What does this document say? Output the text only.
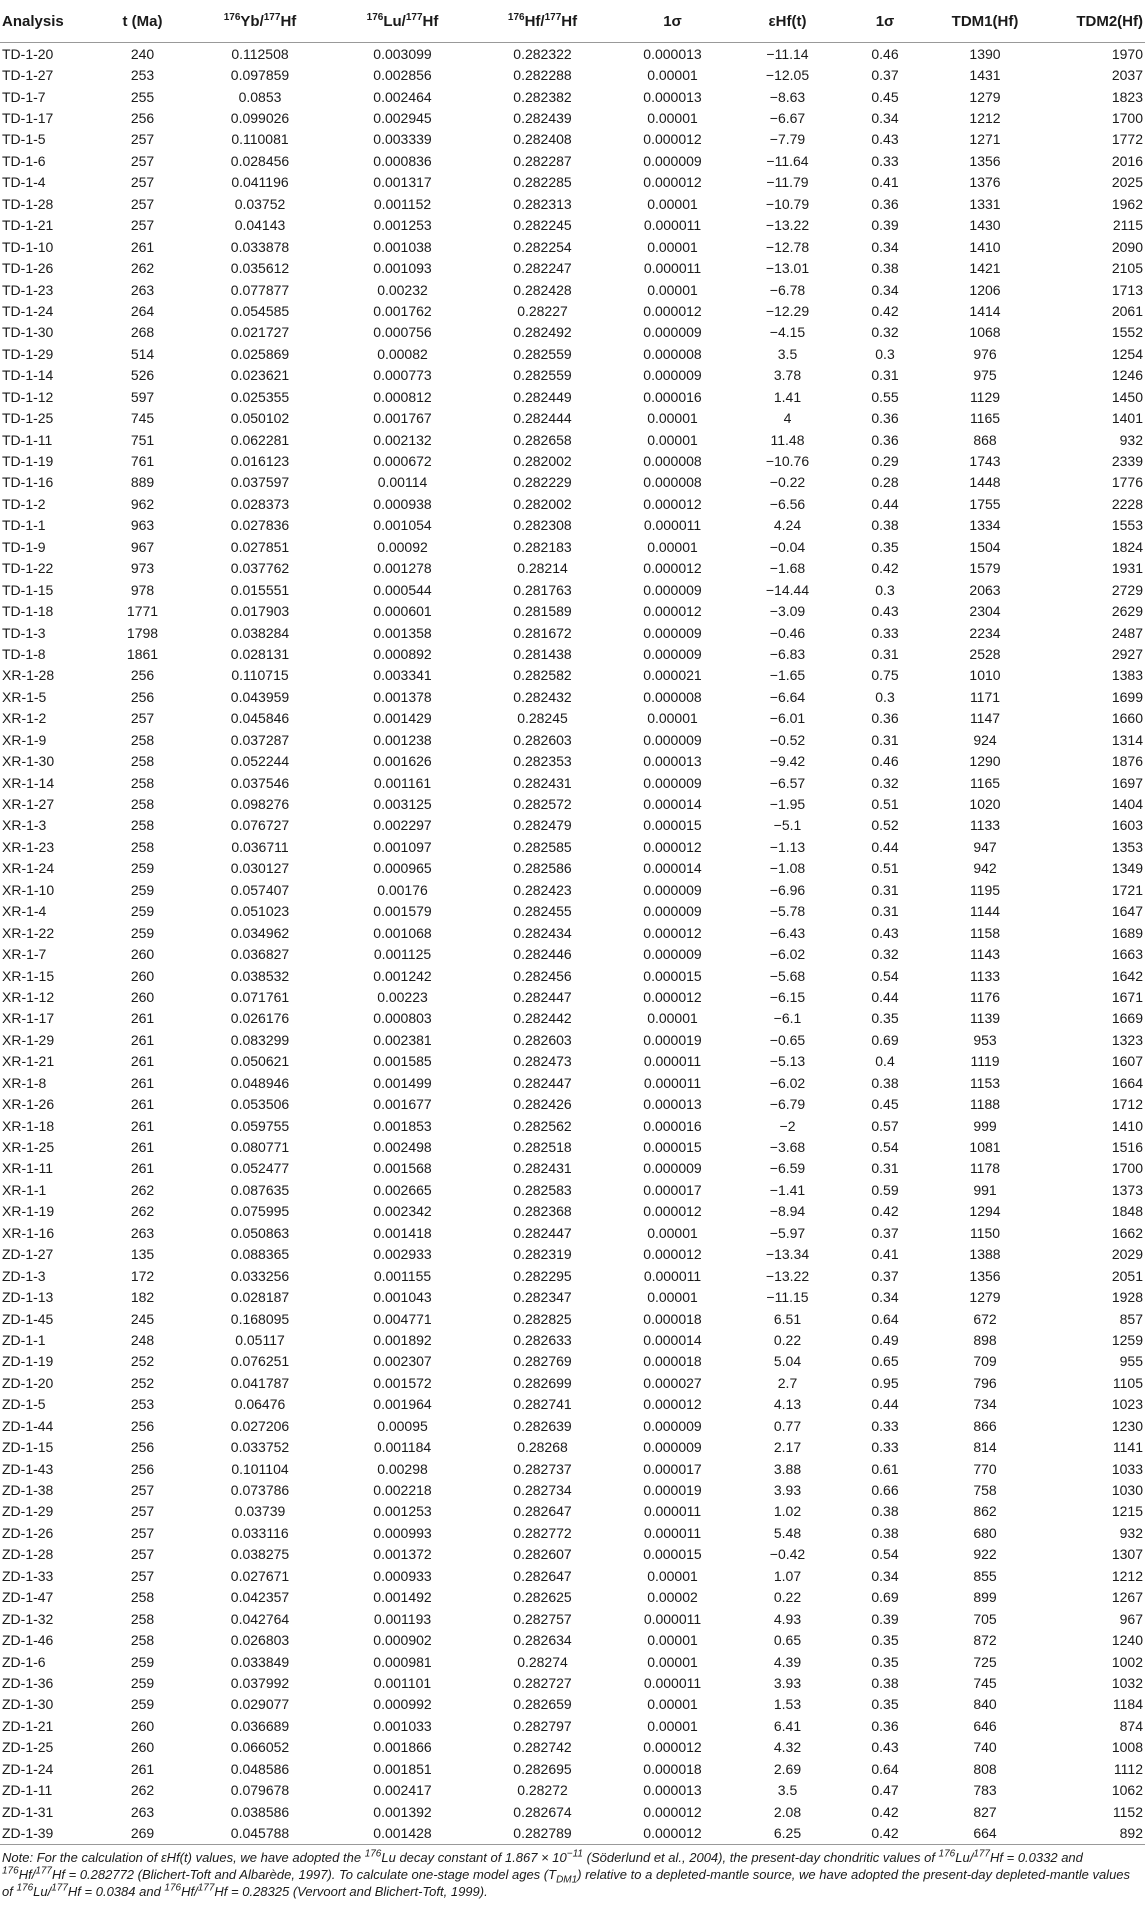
Analysis	t (Ma)	$^{176}$Yb/$^{177}$Hf	$^{176}$Lu/$^{177}$Hf	$^{176}$Hf/$^{177}$Hf	1σ	εHf(t)	1σ	TDM1(Hf)	TDM2(Hf)
TD-1-20	240	0.112508	0.003099	0.282322	0.000013	−11.14	0.46	1390	1970
TD-1-27	253	0.097859	0.002856	0.282288	0.00001	−12.05	0.37	1431	2037
TD-1-7	255	0.0853	0.002464	0.282382	0.000013	−8.63	0.45	1279	1823
TD-1-17	256	0.099026	0.002945	0.282439	0.00001	−6.67	0.34	1212	1700
TD-1-5	257	0.110081	0.003339	0.282408	0.000012	−7.79	0.43	1271	1772
TD-1-6	257	0.028456	0.000836	0.282287	0.000009	−11.64	0.33	1356	2016
TD-1-4	257	0.041196	0.001317	0.282285	0.000012	−11.79	0.41	1376	2025
TD-1-28	257	0.03752	0.001152	0.282313	0.00001	−10.79	0.36	1331	1962
TD-1-21	257	0.04143	0.001253	0.282245	0.000011	−13.22	0.39	1430	2115
TD-1-10	261	0.033878	0.001038	0.282254	0.00001	−12.78	0.34	1410	2090
TD-1-26	262	0.035612	0.001093	0.282247	0.000011	−13.01	0.38	1421	2105
TD-1-23	263	0.077877	0.00232	0.282428	0.00001	−6.78	0.34	1206	1713
TD-1-24	264	0.054585	0.001762	0.28227	0.000012	−12.29	0.42	1414	2061
TD-1-30	268	0.021727	0.000756	0.282492	0.000009	−4.15	0.32	1068	1552
TD-1-29	514	0.025869	0.00082	0.282559	0.000008	3.5	0.3	976	1254
TD-1-14	526	0.023621	0.000773	0.282559	0.000009	3.78	0.31	975	1246
TD-1-12	597	0.025355	0.000812	0.282449	0.000016	1.41	0.55	1129	1450
TD-1-25	745	0.050102	0.001767	0.282444	0.00001	4	0.36	1165	1401
TD-1-11	751	0.062281	0.002132	0.282658	0.00001	11.48	0.36	868	932
TD-1-19	761	0.016123	0.000672	0.282002	0.000008	−10.76	0.29	1743	2339
TD-1-16	889	0.037597	0.00114	0.282229	0.000008	−0.22	0.28	1448	1776
TD-1-2	962	0.028373	0.000938	0.282002	0.000012	−6.56	0.44	1755	2228
TD-1-1	963	0.027836	0.001054	0.282308	0.000011	4.24	0.38	1334	1553
TD-1-9	967	0.027851	0.00092	0.282183	0.00001	−0.04	0.35	1504	1824
TD-1-22	973	0.037762	0.001278	0.28214	0.000012	−1.68	0.42	1579	1931
TD-1-15	978	0.015551	0.000544	0.281763	0.000009	−14.44	0.3	2063	2729
TD-1-18	1771	0.017903	0.000601	0.281589	0.000012	−3.09	0.43	2304	2629
TD-1-3	1798	0.038284	0.001358	0.281672	0.000009	−0.46	0.33	2234	2487
TD-1-8	1861	0.028131	0.000892	0.281438	0.000009	−6.83	0.31	2528	2927
XR-1-28	256	0.110715	0.003341	0.282582	0.000021	−1.65	0.75	1010	1383
XR-1-5	256	0.043959	0.001378	0.282432	0.000008	−6.64	0.3	1171	1699
XR-1-2	257	0.045846	0.001429	0.28245	0.00001	−6.01	0.36	1147	1660
XR-1-9	258	0.037287	0.001238	0.282603	0.000009	−0.52	0.31	924	1314
XR-1-30	258	0.052244	0.001626	0.282353	0.000013	−9.42	0.46	1290	1876
XR-1-14	258	0.037546	0.001161	0.282431	0.000009	−6.57	0.32	1165	1697
XR-1-27	258	0.098276	0.003125	0.282572	0.000014	−1.95	0.51	1020	1404
XR-1-3	258	0.076727	0.002297	0.282479	0.000015	−5.1	0.52	1133	1603
XR-1-23	258	0.036711	0.001097	0.282585	0.000012	−1.13	0.44	947	1353
XR-1-24	259	0.030127	0.000965	0.282586	0.000014	−1.08	0.51	942	1349
XR-1-10	259	0.057407	0.00176	0.282423	0.000009	−6.96	0.31	1195	1721
XR-1-4	259	0.051023	0.001579	0.282455	0.000009	−5.78	0.31	1144	1647
XR-1-22	259	0.034962	0.001068	0.282434	0.000012	−6.43	0.43	1158	1689
XR-1-7	260	0.036827	0.001125	0.282446	0.000009	−6.02	0.32	1143	1663
XR-1-15	260	0.038532	0.001242	0.282456	0.000015	−5.68	0.54	1133	1642
XR-1-12	260	0.071761	0.00223	0.282447	0.000012	−6.15	0.44	1176	1671
XR-1-17	261	0.026176	0.000803	0.282442	0.00001	−6.1	0.35	1139	1669
XR-1-29	261	0.083299	0.002381	0.282603	0.000019	−0.65	0.69	953	1323
XR-1-21	261	0.050621	0.001585	0.282473	0.000011	−5.13	0.4	1119	1607
XR-1-8	261	0.048946	0.001499	0.282447	0.000011	−6.02	0.38	1153	1664
XR-1-26	261	0.053506	0.001677	0.282426	0.000013	−6.79	0.45	1188	1712
XR-1-18	261	0.059755	0.001853	0.282562	0.000016	−2	0.57	999	1410
XR-1-25	261	0.080771	0.002498	0.282518	0.000015	−3.68	0.54	1081	1516
XR-1-11	261	0.052477	0.001568	0.282431	0.000009	−6.59	0.31	1178	1700
XR-1-1	262	0.087635	0.002665	0.282583	0.000017	−1.41	0.59	991	1373
XR-1-19	262	0.075995	0.002342	0.282368	0.000012	−8.94	0.42	1294	1848
XR-1-16	263	0.050863	0.001418	0.282447	0.00001	−5.97	0.37	1150	1662
ZD-1-27	135	0.088365	0.002933	0.282319	0.000012	−13.34	0.41	1388	2029
ZD-1-3	172	0.033256	0.001155	0.282295	0.000011	−13.22	0.37	1356	2051
ZD-1-13	182	0.028187	0.001043	0.282347	0.00001	−11.15	0.34	1279	1928
ZD-1-45	245	0.168095	0.004771	0.282825	0.000018	6.51	0.64	672	857
ZD-1-1	248	0.05117	0.001892	0.282633	0.000014	0.22	0.49	898	1259
ZD-1-19	252	0.076251	0.002307	0.282769	0.000018	5.04	0.65	709	955
ZD-1-20	252	0.041787	0.001572	0.282699	0.000027	2.7	0.95	796	1105
ZD-1-5	253	0.06476	0.001964	0.282741	0.000012	4.13	0.44	734	1023
ZD-1-44	256	0.027206	0.00095	0.282639	0.000009	0.77	0.33	866	1230
ZD-1-15	256	0.033752	0.001184	0.28268	0.000009	2.17	0.33	814	1141
ZD-1-43	256	0.101104	0.00298	0.282737	0.000017	3.88	0.61	770	1033
ZD-1-38	257	0.073786	0.002218	0.282734	0.000019	3.93	0.66	758	1030
ZD-1-29	257	0.03739	0.001253	0.282647	0.000011	1.02	0.38	862	1215
ZD-1-26	257	0.033116	0.000993	0.282772	0.000011	5.48	0.38	680	932
ZD-1-28	257	0.038275	0.001372	0.282607	0.000015	−0.42	0.54	922	1307
ZD-1-33	257	0.027671	0.000933	0.282647	0.00001	1.07	0.34	855	1212
ZD-1-47	258	0.042357	0.001492	0.282625	0.00002	0.22	0.69	899	1267
ZD-1-32	258	0.042764	0.001193	0.282757	0.000011	4.93	0.39	705	967
ZD-1-46	258	0.026803	0.000902	0.282634	0.00001	0.65	0.35	872	1240
ZD-1-6	259	0.033849	0.000981	0.28274	0.00001	4.39	0.35	725	1002
ZD-1-36	259	0.037992	0.001101	0.282727	0.000011	3.93	0.38	745	1032
ZD-1-30	259	0.029077	0.000992	0.282659	0.00001	1.53	0.35	840	1184
ZD-1-21	260	0.036689	0.001033	0.282797	0.00001	6.41	0.36	646	874
ZD-1-25	260	0.066052	0.001866	0.282742	0.000012	4.32	0.43	740	1008
ZD-1-24	261	0.048586	0.001851	0.282695	0.000018	2.69	0.64	808	1112
ZD-1-11	262	0.079678	0.002417	0.28272	0.000013	3.5	0.47	783	1062
ZD-1-31	263	0.038586	0.001392	0.282674	0.000012	2.08	0.42	827	1152
ZD-1-39	269	0.045788	0.001428	0.282789	0.000012	6.25	0.42	664	892
Note: For the calculation of εHf(t) values, we have adopted the $^{176}$Lu decay constant of $1.867 \times 10^{-11}$ (Söderlund et al., 2004), the present-day chondritic values of $^{176}$Lu/$^{177}$Hf = 0.0332 and $^{176}$Hf/$^{177}$Hf = 0.282772 (Blichert-Toft and Albarède, 1997). To calculate one-stage model ages $(T_{DM1})$ relative to a depleted-mantle source, we have adopted the present-day depleted-mantle values of $^{176}$Lu/$^{177}$Hf = 0.0384 and $^{176}$Hf/$^{177}$Hf = 0.28325 (Vervoort and Blichert-Toft, 1999).
